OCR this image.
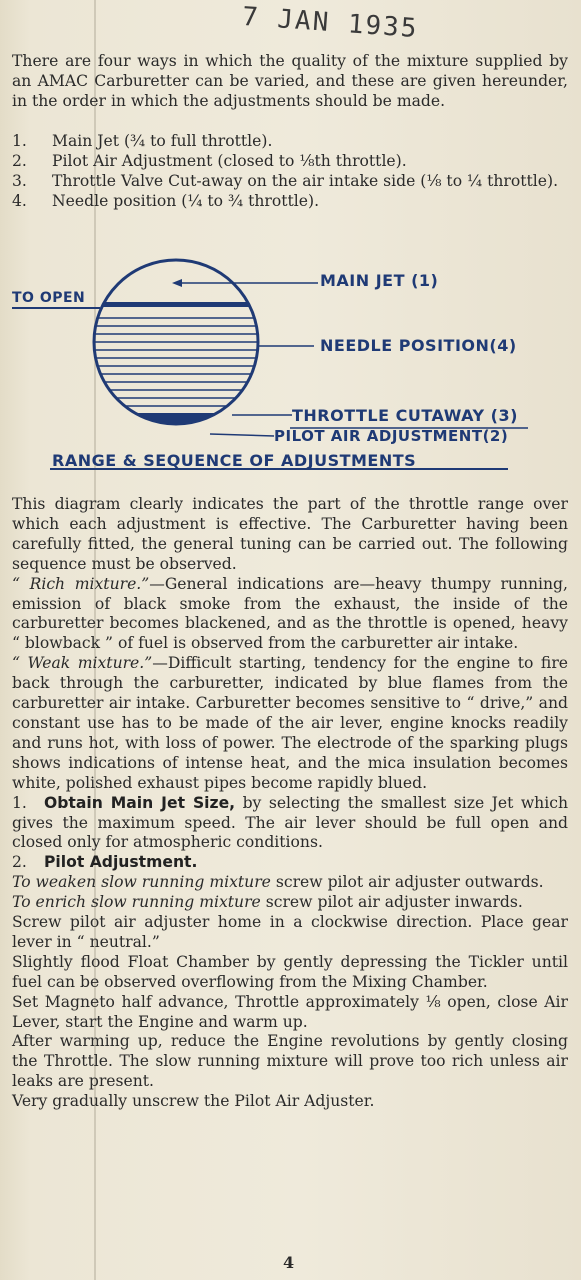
7 JAN 1935

There are four ways in which the quality of the mixture supplied by an AMAC Carburetter can be varied, and these are given hereunder, in the order in which the adjustments should be made.

1.	Main Jet (¾ to full throttle).
2.	Pilot Air Adjustment (closed to ⅛th throttle).
3.	Throttle Valve Cut-away on the air intake side (⅛ to ¼ throttle).
4.	Needle position (¼ to ¾ throttle).
TO OPEN
MAIN JET (1)
NEEDLE POSITION(4)
THROTTLE CUTAWAY (3)
PILOT AIR ADJUSTMENT(2)
RANGE & SEQUENCE OF ADJUSTMENTS

This diagram clearly indicates the part of the throttle range over which each adjustment is effective. The Carburetter having been carefully fitted, the general tuning can be carried out. The following sequence must be observed.

“ Rich mixture.”—General indications are—heavy thumpy running, emission of black smoke from the exhaust, the inside of the carburetter becomes blackened, and as the throttle is opened, heavy “ blowback ” of fuel is observed from the carburetter air intake.

“ Weak mixture.”—Difficult starting, tendency for the engine to fire back through the carburetter, indicated by blue flames from the carburetter air intake. Carburetter becomes sensitive to “ drive,” and constant use has to be made of the air lever, engine knocks readily and runs hot, with loss of power. The electrode of the sparking plugs shows indications of intense heat, and the mica insulation becomes white, polished exhaust pipes become rapidly blued.

1. Obtain Main Jet Size, by selecting the smallest size Jet which gives the maximum speed. The air lever should be full open and closed only for atmospheric conditions.

2. Pilot Adjustment.

To weaken slow running mixture screw pilot air adjuster outwards.

To enrich slow running mixture screw pilot air adjuster inwards.

Screw pilot air adjuster home in a clockwise direction. Place gear lever in “ neutral.”

Slightly flood Float Chamber by gently depressing the Tickler until fuel can be observed overflowing from the Mixing Chamber.

Set Magneto half advance, Throttle approximately ⅛ open, close Air Lever, start the Engine and warm up.

After warming up, reduce the Engine revolutions by gently closing the Throttle. The slow running mixture will prove too rich unless air leaks are present.

Very gradually unscrew the Pilot Air Adjuster.

4
